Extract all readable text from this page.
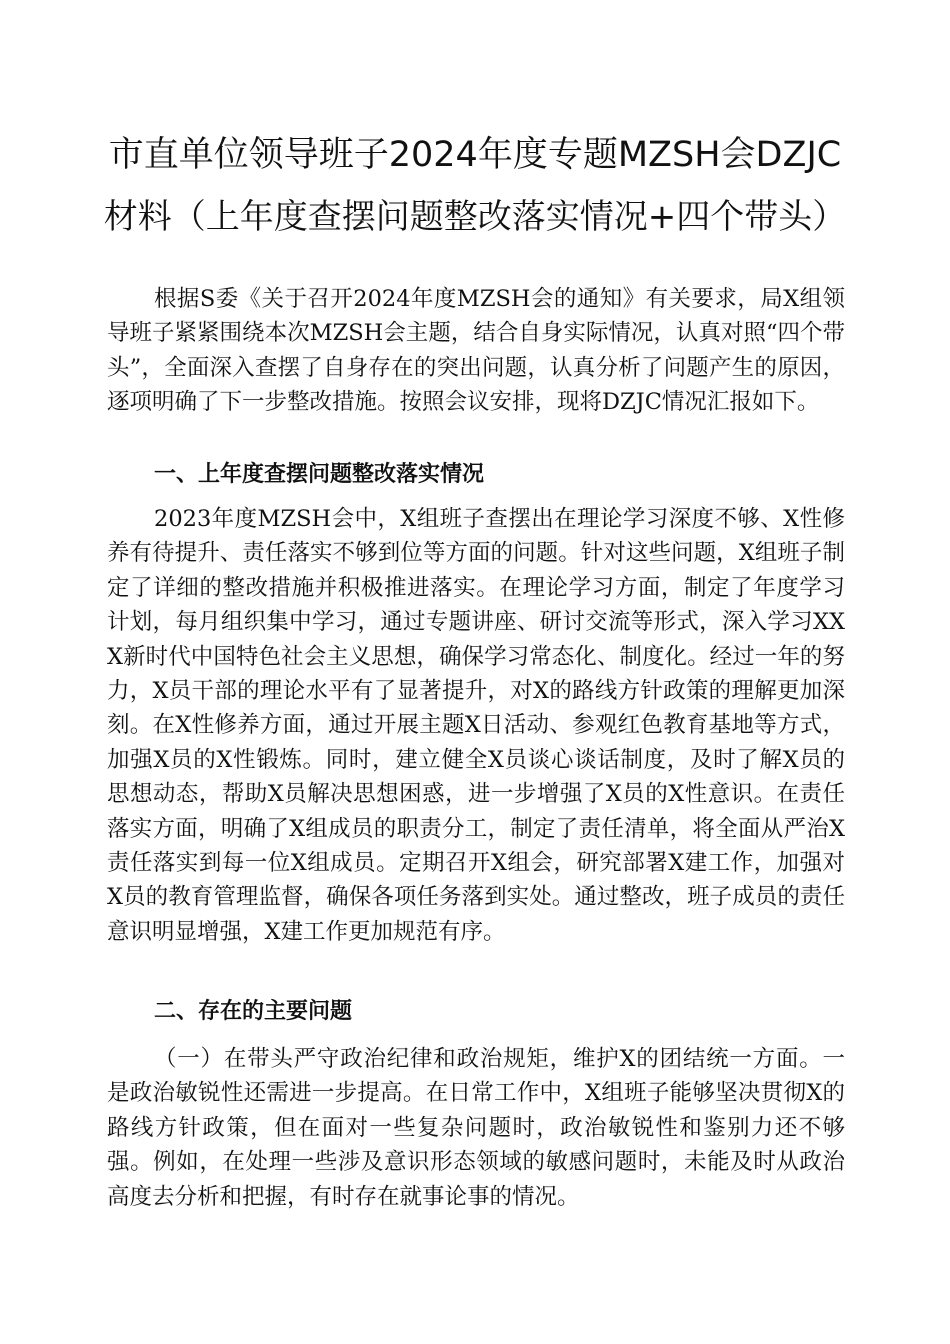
市直单位领导班子2024年度专题MZSH会DZJC
材料（上年度查摆问题整改落实情况+四个带头）

根据S委《关于召开2024年度MZSH会的通知》有关要求，局X组领导班子紧紧围绕本次MZSH会主题，结合自身实际情况，认真对照“四个带头”，全面深入查摆了自身存在的突出问题，认真分析了问题产生的原因，逐项明确了下一步整改措施。按照会议安排，现将DZJC情况汇报如下。

一、上年度查摆问题整改落实情况

2023年度MZSH会中，X组班子查摆出在理论学习深度不够、X性修养有待提升、责任落实不够到位等方面的问题。针对这些问题，X组班子制定了详细的整改措施并积极推进落实。在理论学习方面，制定了年度学习计划，每月组织集中学习，通过专题讲座、研讨交流等形式，深入学习XXX新时代中国特色社会主义思想，确保学习常态化、制度化。经过一年的努力，X员干部的理论水平有了显著提升，对X的路线方针政策的理解更加深刻。在X性修养方面，通过开展主题X日活动、参观红色教育基地等方式，加强X员的X性锻炼。同时，建立健全X员谈心谈话制度，及时了解X员的思想动态，帮助X员解决思想困惑，进一步增强了X员的X性意识。在责任落实方面，明确了X组成员的职责分工，制定了责任清单，将全面从严治X责任落实到每一位X组成员。定期召开X组会，研究部署X建工作，加强对X员的教育管理监督，确保各项任务落到实处。通过整改，班子成员的责任意识明显增强，X建工作更加规范有序。

二、存在的主要问题

（一）在带头严守政治纪律和政治规矩，维护X的团结统一方面。一是政治敏锐性还需进一步提高。在日常工作中，X组班子能够坚决贯彻X的路线方针政策，但在面对一些复杂问题时，政治敏锐性和鉴别力还不够强。例如，在处理一些涉及意识形态领域的敏感问题时，未能及时从政治高度去分析和把握，有时存在就事论事的情况。
